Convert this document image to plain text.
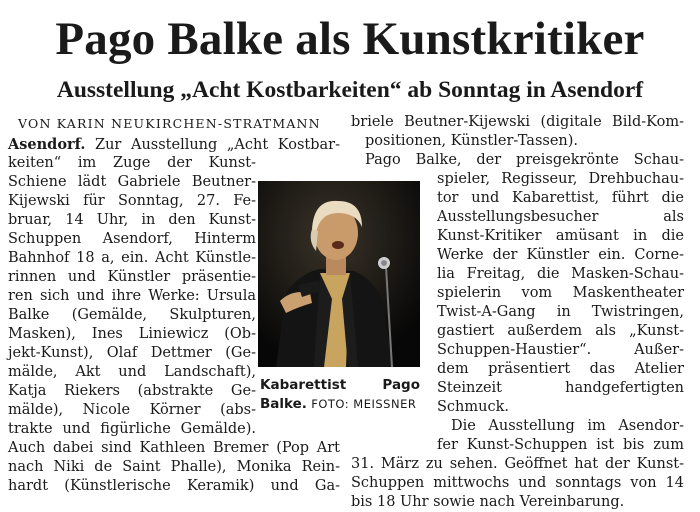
Pago Balke als Kunstkritiker
Ausstellung „Acht Kostbarkeiten“ ab Sonntag in Asendorf
VON KARIN NEUKIRCHEN-STRATMANN
Asendorf. Zur Ausstellung „Acht Kostbar-
keiten“ im Zuge der Kunst-
Schiene lädt Gabriele Beutner-
Kijewski für Sonntag, 27. Fe-
bruar, 14 Uhr, in den Kunst-
Schuppen Asendorf, Hinterm
Bahnhof 18 a, ein. Acht Künstle-
rinnen und Künstler präsentie-
ren sich und ihre Werke: Ursula
Balke (Gemälde, Skulpturen,
Masken), Ines Liniewicz (Ob-
jekt-Kunst), Olaf Dettmer (Ge-
mälde, Akt und Landschaft),
Katja Riekers (abstrakte Ge-
mälde), Nicole Körner (abs-
trakte und figürliche Gemälde).
Auch dabei sind Kathleen Bremer (Pop Art
nach Niki de Saint Phalle), Monika Rein-
hardt (Künstlerische Keramik) und Ga-
Kabarettist	Pago
Balke. FOTO: MEISSNER
briele Beutner-Kijewski (digitale Bild-Kom-
positionen, Künstler-Tassen).
Pago Balke, der preisgekrönte Schau-
spieler, Regisseur, Drehbuchau-
tor und Kabarettist, führt die
Ausstellungsbesucher als
Kunst-Kritiker amüsant in die
Werke der Künstler ein. Corne-
lia Freitag, die Masken-Schau-
spielerin vom Maskentheater
Twist-A-Gang in Twistringen,
gastiert außerdem als „Kunst-
Schuppen-Haustier“. Außer-
dem präsentiert das Atelier
Steinzeit handgefertigten
Schmuck.
Die Ausstellung im Asendor-
fer Kunst-Schuppen ist bis zum
31. März zu sehen. Geöffnet hat der Kunst-
Schuppen mittwochs und sonntags von 14
bis 18 Uhr sowie nach Vereinbarung.
